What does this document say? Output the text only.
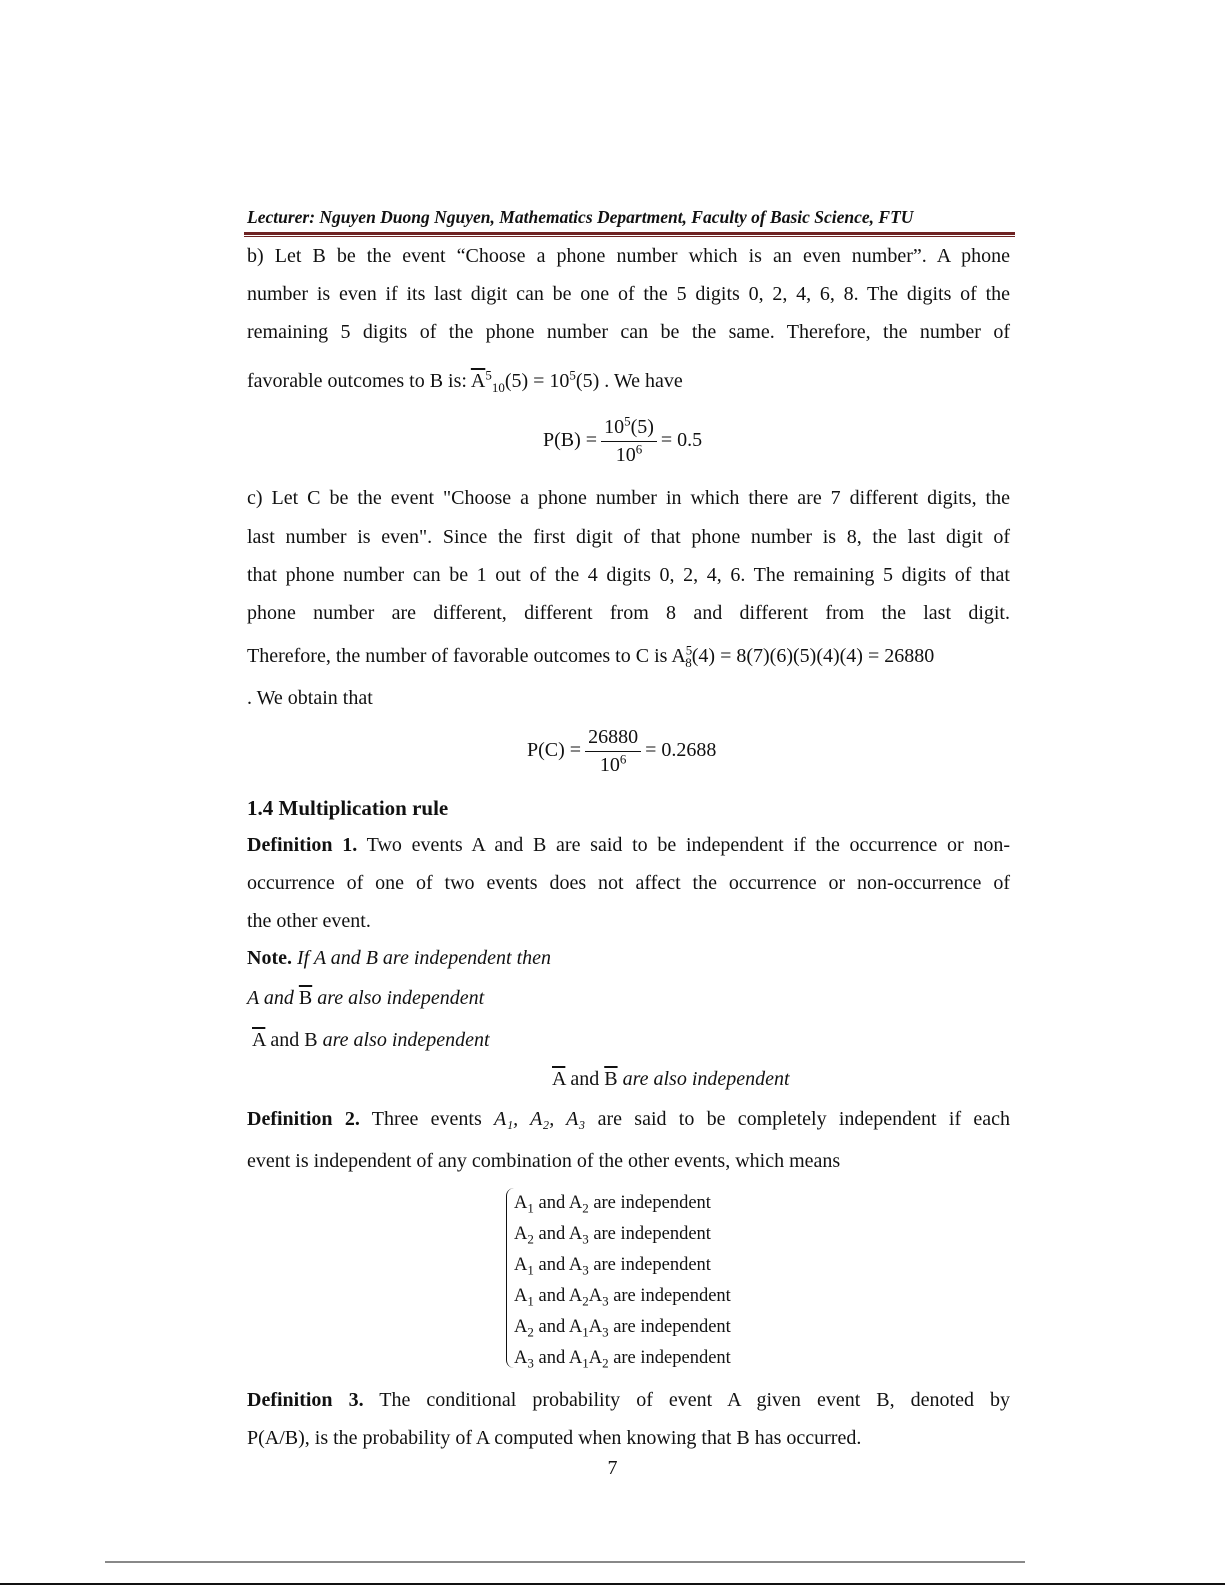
Lecturer: Nguyen Duong Nguyen, Mathematics Department, Faculty of Basic Science, FTU
b) Let B be the event “Choose a phone number which is an even number”. A phone
number is even if its last digit can be one of the 5 digits 0, 2, 4, 6, 8. The digits of the
remaining 5 digits of the phone number can be the same. Therefore, the number of
favorable outcomes to B is: $\overline{A}^5_{10}(5) = 10^5(5)$ . We have
$P(B) = \frac{10^5(5)}{10^6} = 0.5$
c) Let C be the event "Choose a phone number in which there are 7 different digits, the
last number is even". Since the first digit of that phone number is 8, the last digit of
that phone number can be 1 out of the 4 digits 0, 2, 4, 6. The remaining 5 digits of that
phone number are different, different from 8 and different from the last digit.
Therefore, the number of favorable outcomes to C is $A^5_8(4) = 8(7)(6)(5)(4)(4) = 26880$
. We obtain that
$P(C) = \frac{26880}{10^6} = 0.2688$
1.4 Multiplication rule
Definition 1. Two events A and B are said to be independent if the occurrence or non-
occurrence of one of two events does not affect the occurrence or non-occurrence of
the other event.
Note. If A and B are independent then
A and $\overline{B}$ are also independent
$\overline{A}$ and B are also independent
$\overline{A}$ and $\overline{B}$ are also independent
Definition 2. Three events A₁, A₂, A₃ are said to be completely independent if each
event is independent of any combination of the other events, which means
$A_1$ and $A_2$ are independent
$A_2$ and $A_3$ are independent
$A_1$ and $A_3$ are independent
$A_1$ and $A_2A_3$ are independent
$A_2$ and $A_1A_3$ are independent
$A_3$ and $A_1A_2$ are independent
Definition 3. The conditional probability of event A given event B, denoted by
P(A/B), is the probability of A computed when knowing that B has occurred.
7
